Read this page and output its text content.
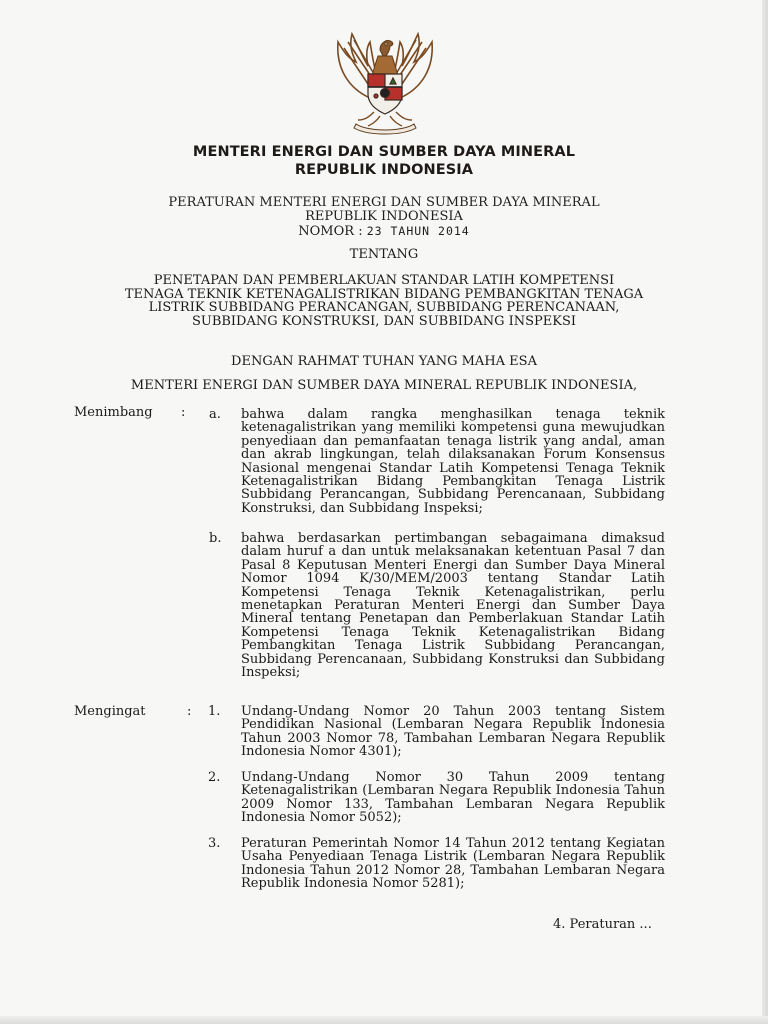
MENTERI ENERGI DAN SUMBER DAYA MINERAL
REPUBLIK INDONESIA
PERATURAN MENTERI ENERGI DAN SUMBER DAYA MINERAL
REPUBLIK INDONESIA
NOMOR : 23 TAHUN 2014
TENTANG
PENETAPAN DAN PEMBERLAKUAN STANDAR LATIH KOMPETENSI
TENAGA TEKNIK KETENAGALISTRIKAN BIDANG PEMBANGKITAN TENAGA
LISTRIK SUBBIDANG PERANCANGAN, SUBBIDANG PERENCANAAN,
SUBBIDANG KONSTRUKSI, DAN SUBBIDANG INSPEKSI
DENGAN RAHMAT TUHAN YANG MAHA ESA
MENTERI ENERGI DAN SUMBER DAYA MINERAL REPUBLIK INDONESIA,
Menimbang : a. bahwa dalam rangka menghasilkan tenaga teknik ketenagalistrikan yang memiliki kompetensi guna mewujudkan penyediaan dan pemanfaatan tenaga listrik yang andal, aman dan akrab lingkungan, telah dilaksanakan Forum Konsensus Nasional mengenai Standar Latih Kompetensi Tenaga Teknik Ketenagalistrikan Bidang Pembangkitan Tenaga Listrik Subbidang Perancangan, Subbidang Perencanaan, Subbidang Konstruksi, dan Subbidang Inspeksi;
b. bahwa berdasarkan pertimbangan sebagaimana dimaksud dalam huruf a dan untuk melaksanakan ketentuan Pasal 7 dan Pasal 8 Keputusan Menteri Energi dan Sumber Daya Mineral Nomor 1094 K/30/MEM/2003 tentang Standar Latih Kompetensi Tenaga Teknik Ketenagalistrikan, perlu menetapkan Peraturan Menteri Energi dan Sumber Daya Mineral tentang Penetapan dan Pemberlakuan Standar Latih Kompetensi Tenaga Teknik Ketenagalistrikan Bidang Pembangkitan Tenaga Listrik Subbidang Perancangan, Subbidang Perencanaan, Subbidang Konstruksi dan Subbidang Inspeksi;
Mengingat	: 1. Undang-Undang Nomor 20 Tahun 2003 tentang Sistem Pendidikan Nasional (Lembaran Negara Republik Indonesia Tahun 2003 Nomor 78, Tambahan Lembaran Negara Republik Indonesia Nomor 4301);
2. Undang-Undang Nomor 30 Tahun 2009 tentang Ketenagalistrikan (Lembaran Negara Republik Indonesia Tahun 2009 Nomor 133, Tambahan Lembaran Negara Republik Indonesia Nomor 5052);
3. Peraturan Pemerintah Nomor 14 Tahun 2012 tentang Kegiatan Usaha Penyediaan Tenaga Listrik (Lembaran Negara Republik Indonesia Tahun 2012 Nomor 28, Tambahan Lembaran Negara Republik Indonesia Nomor 5281);
4. Peraturan ...
